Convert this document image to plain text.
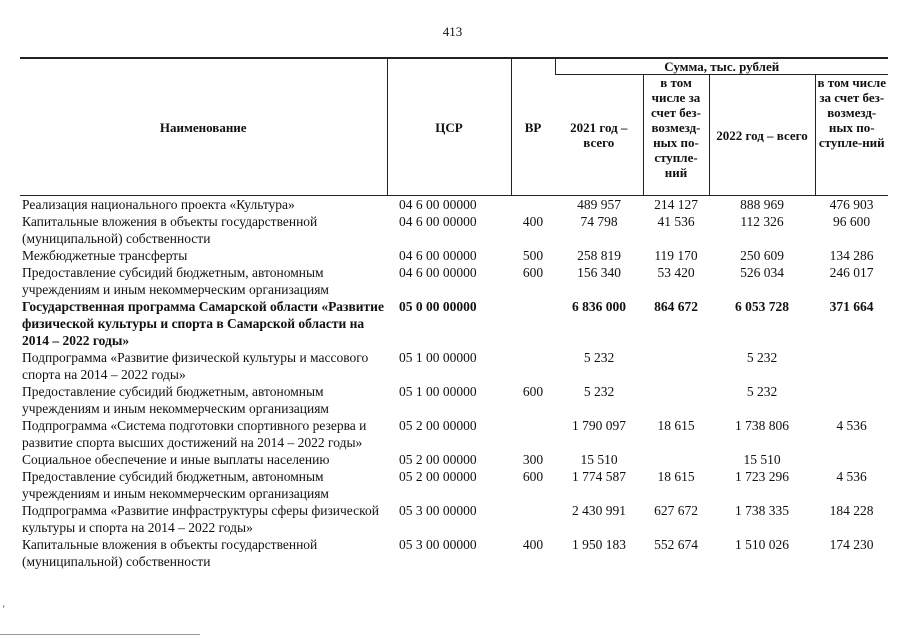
413
Наименование	ЦСР	ВР	Сумма, тыс. рублей			
			2021 год – всего	в том числе за счет без-возмезд-ных по-ступле-ний	2022 год – всего	в том числе за счет без-возмезд-ных по-ступле-ний
Реализация национального проекта «Культура»	04 6 00 00000		489 957	214 127	888 969	476 903
Капитальные вложения в объекты государственной (муниципальной) собственности	04 6 00 00000	400	74 798	41 536	112 326	96 600
Межбюджетные трансферты	04 6 00 00000	500	258 819	119 170	250 609	134 286
Предоставление субсидий бюджетным, автономным учреждениям и иным некоммерческим организациям	04 6 00 00000	600	156 340	53 420	526 034	246 017
Государственная программа Самарской области «Развитие физической культуры и спорта в Самарской области на 2014 – 2022 годы»	05 0 00 00000		6 836 000	864 672	6 053 728	371 664
Подпрограмма «Развитие физической культуры и массового спорта на 2014 – 2022 годы»	05 1 00 00000		5 232		5 232	
Предоставление субсидий бюджетным, автономным учреждениям и иным некоммерческим организациям	05 1 00 00000	600	5 232		5 232	
Подпрограмма «Система подготовки спортивного резерва и развитие спорта высших достижений на 2014 – 2022 годы»	05 2 00 00000		1 790 097	18 615	1 738 806	4 536
Социальное обеспечение и иные выплаты населению	05 2 00 00000	300	15 510		15 510	
Предоставление субсидий бюджетным, автономным учреждениям и иным некоммерческим организациям	05 2 00 00000	600	1 774 587	18 615	1 723 296	4 536
Подпрограмма «Развитие инфраструктуры сферы физической культуры и спорта на 2014 – 2022 годы»	05 3 00 00000		2 430 991	627 672	1 738 335	184 228
Капитальные вложения в объекты государственной (муниципальной) собственности	05 3 00 00000	400	1 950 183	552 674	1 510 026	174 230
ʻ
